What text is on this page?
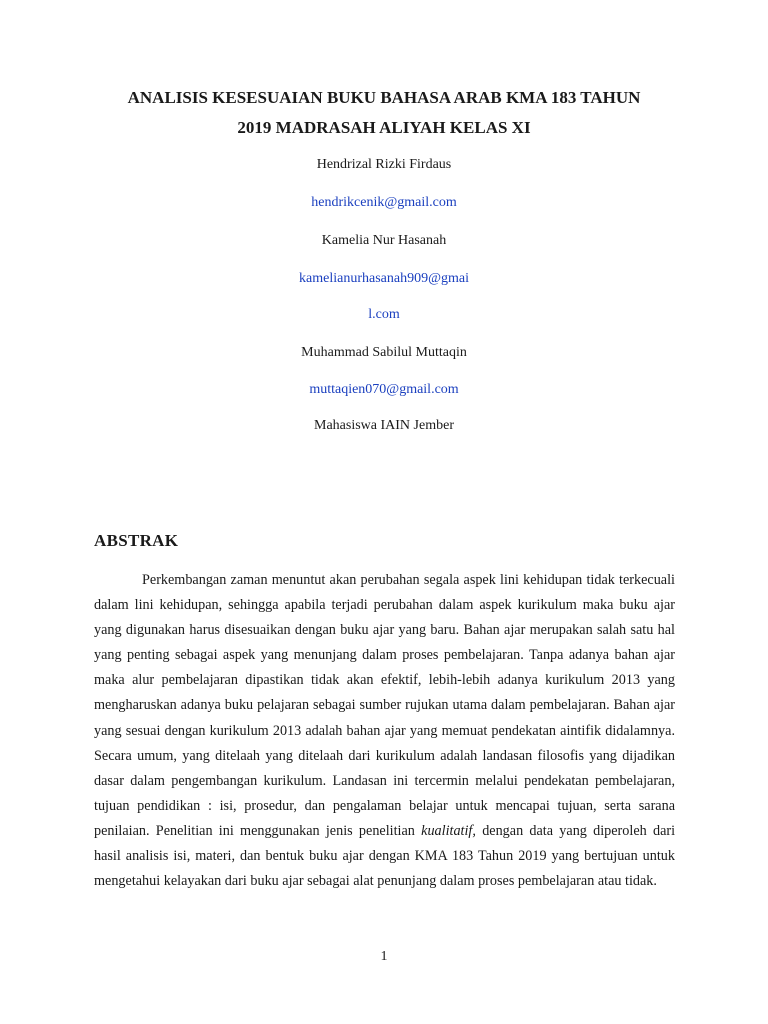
ANALISIS KESESUAIAN BUKU BAHASA ARAB KMA 183 TAHUN
2019 MADRASAH ALIYAH KELAS XI
Hendrizal Rizki Firdaus
hendrikcenik@gmail.com
Kamelia Nur Hasanah
kamelianurhasanah909@gmai
l.com
Muhammad Sabilul Muttaqin
muttaqien070@gmail.com
Mahasiswa IAIN Jember
ABSTRAK

Perkembangan zaman menuntut akan perubahan segala aspek lini kehidupan tidak terkecuali dalam lini kehidupan, sehingga apabila terjadi perubahan dalam aspek kurikulum maka buku ajar yang digunakan harus disesuaikan dengan buku ajar yang baru. Bahan ajar merupakan salah satu hal yang penting sebagai aspek yang menunjang dalam proses pembelajaran. Tanpa adanya bahan ajar maka alur pembelajaran dipastikan tidak akan efektif, lebih-lebih adanya kurikulum 2013 yang mengharuskan adanya buku pelajaran sebagai sumber rujukan utama dalam pembelajaran. Bahan ajar yang sesuai dengan kurikulum 2013 adalah bahan ajar yang memuat pendekatan aintifik didalamnya. Secara umum, yang ditelaah yang ditelaah dari kurikulum adalah landasan filosofis yang dijadikan dasar dalam pengembangan kurikulum. Landasan ini tercermin melalui pendekatan pembelajaran, tujuan pendidikan : isi, prosedur, dan pengalaman belajar untuk mencapai tujuan, serta sarana penilaian. Penelitian ini menggunakan jenis penelitian kualitatif, dengan data yang diperoleh dari hasil analisis isi, materi, dan bentuk buku ajar dengan KMA 183 Tahun 2019 yang bertujuan untuk mengetahui kelayakan dari buku ajar sebagai alat penunjang dalam proses pembelajaran atau tidak.

1
